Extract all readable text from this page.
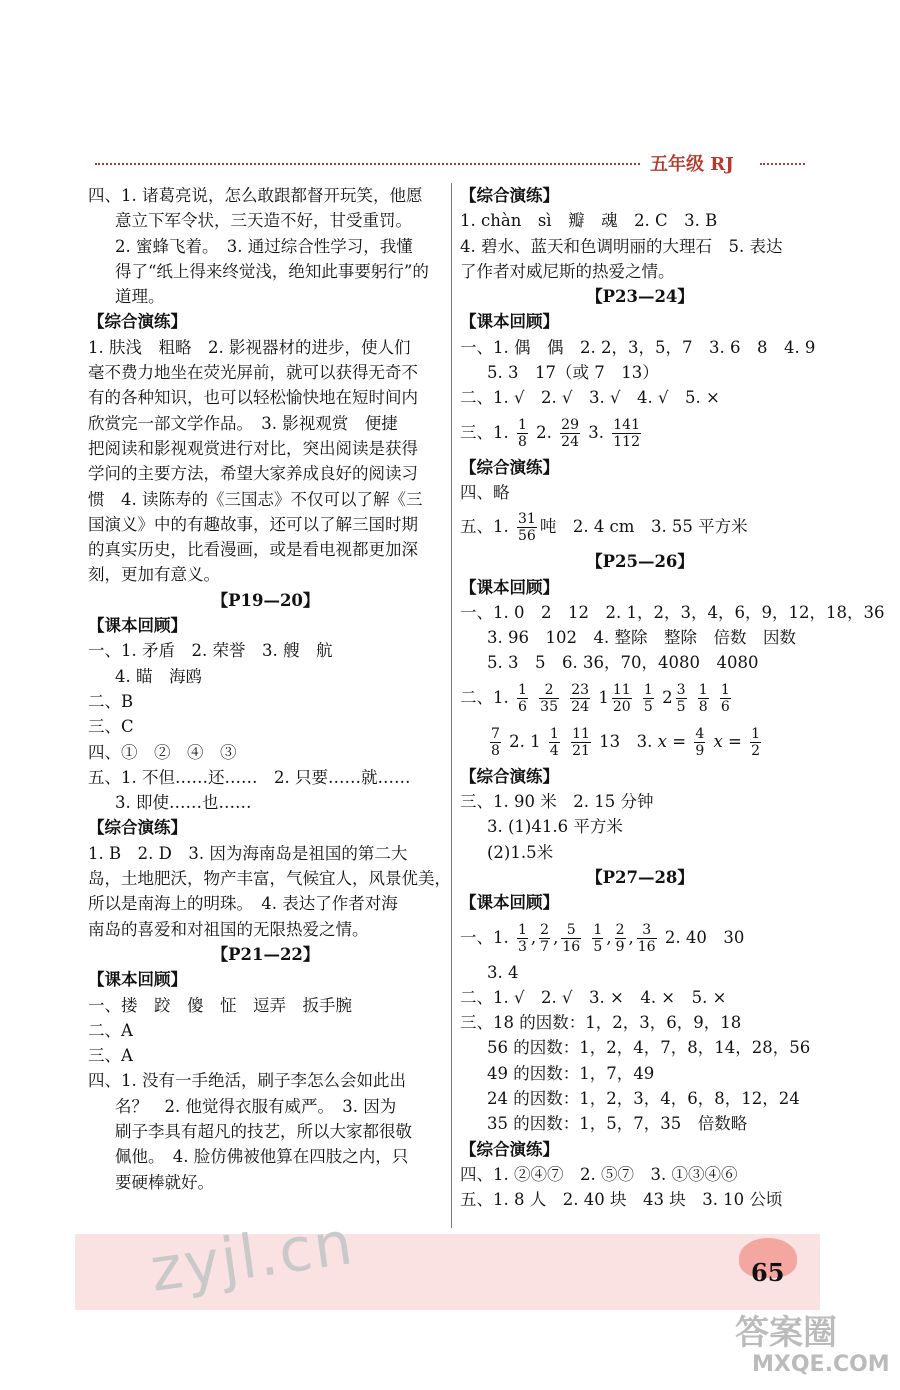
五年级 RJ
四、1. 诸葛亮说，怎么敢跟都督开玩笑，他愿
意立下军令状，三天造不好，甘受重罚。
2. 蜜蜂飞着。　3. 通过综合性学习，我懂
得了“纸上得来终觉浅，绝知此事要躬行”的
道理。
【综合演练】
1. 肤浅　粗略　2. 影视器材的进步，使人们
毫不费力地坐在荧光屏前，就可以获得无奇不
有的各种知识，也可以轻松愉快地在短时间内
欣赏完一部文学作品。　3. 影视观赏　便捷
把阅读和影视观赏进行对比，突出阅读是获得
学问的主要方法，希望大家养成良好的阅读习
惯　4. 读陈寿的《三国志》不仅可以了解《三
国演义》中的有趣故事，还可以了解三国时期
的真实历史，比看漫画，或是看电视都更加深
刻，更加有意义。
【P19—20】
【课本回顾】
一、1. 矛盾　2. 荣誉　3. 艘　航
4. 瞄　海鸥
二、B
三、C
四、①　②　④　③
五、1. 不但……还……　2. 只要……就……
3. 即使……也……
【综合演练】
1. B　2. D　3. 因为海南岛是祖国的第二大
岛，土地肥沃，物产丰富，气候宜人，风景优美，
所以是南海上的明珠。　4. 表达了作者对海
南岛的喜爱和对祖国的无限热爱之情。
【P21—22】
【课本回顾】
一、搂　跤　傻　怔　逗弄　扳手腕
二、A
三、A
四、1. 没有一手绝活，刷子李怎么会如此出
名？　2. 他觉得衣服有威严。　3. 因为
刷子李具有超凡的技艺，所以大家都很敬
佩他。　4. 脸仿佛被他算在四肢之内，只
要硬棒就好。
【综合演练】
1. chàn　sì　瓣　魂　2. C　3. B
4. 碧水、蓝天和色调明丽的大理石　5. 表达
了作者对威尼斯的热爱之情。
【P23—24】
【课本回顾】
一、1. 偶　偶　2. 2，3，5，7　3. 6　8　4. 9
5. 3　17（或 7　13）
二、1. √　2. √　3. √　4. √　5. ×
三、1. $\frac{1}{8} 2$. $\frac{29}{24} 3$. $\frac{141}{112}$
【综合演练】
四、略
五、1. $\frac{31}{56}$ 吨　2. 4 cm　3. 55 平方米
【P25—26】
【课本回顾】
一、1. 0　2　12　2. 1，2，3，4，6，9，12，18，36
3. 96　102　4. 整除　整除　倍数　因数
5. 3　5　6. 36，70，4080　4080
二、1. $\frac{1}{6}$
$\frac{2}{35}$
$\frac{23}{24} 1 \frac{11}{20}$
$\frac{1}{5} 2 \frac{3}{5}$
$\frac{1}{8}$
$\frac{1}{6}$
$\frac{7}{8} 2$. $1 \frac{1}{4}$
$\frac{11}{21} 13$　3. $x = \frac{4}{9}$ $x = \frac{1}{2}$
【综合演练】
三、1. 90 米　2. 15 分钟
3. (1)41.6 平方米
(2)1.5米
【P27—28】
【课本回顾】
一、1. $\frac{1}{3}$ , $\frac{2}{7}$ , $\frac{5}{16}$
$\frac{1}{5}$ , $\frac{2}{9}$ , $\frac{3}{16} 2$. 40　30
3. 4
二、1. √　2. √　3. ×　4. ×　5. ×
三、18 的因数：1，2，3，6，9，18
56 的因数：1，2，4，7，8，14，28，56
49 的因数：1，7，49
24 的因数：1，2，3，4，6，8，12，24
35 的因数：1，5，7，35　倍数略
【综合演练】
四、1. ②④⑦　2. ⑤⑦　3. ①③④⑥
五、1. 8 人　2. 40 块　43 块　3. 10 公顷
zyjl.cn	65
答案圈
MXQE.COM
